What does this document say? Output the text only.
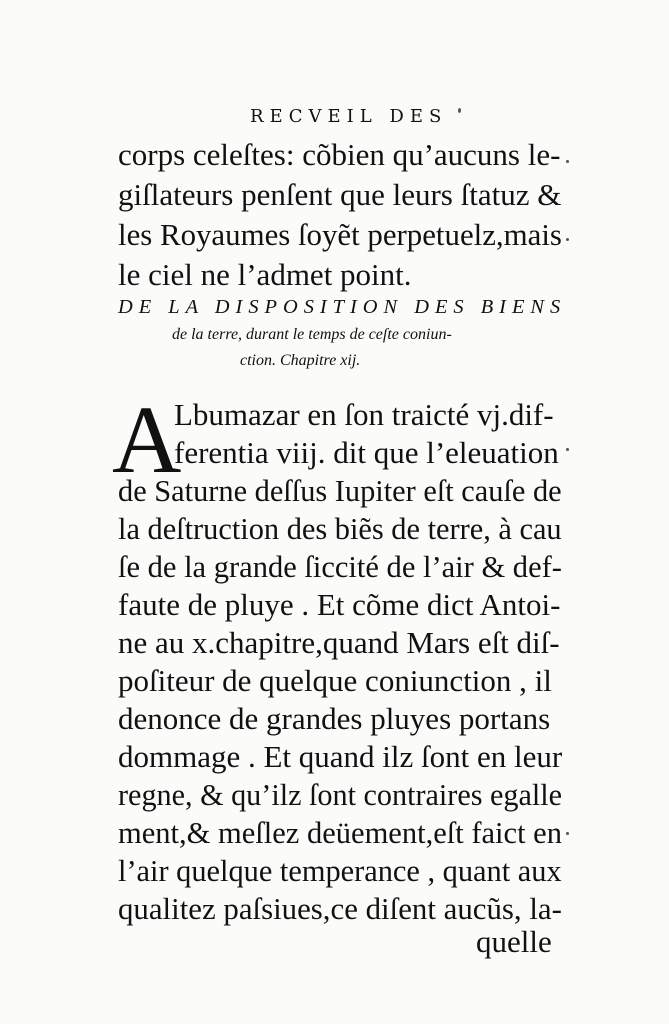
RECVEIL DES
corps celeſtes: cõbien qu’aucuns le-
giſlateurs penſent que leurs ſtatuz &
les Royaumes ſoyẽt perpetuelz,mais
le ciel ne l’admet point.
DE LA DISPOSITION DES BIENS
de la terre, durant le temps de ceſte coniun-
ction. Chapitre xij.
A
Lbumazar en ſon traicté vj.dif-
ferentia viij. dit que l’eleuation
de Saturne deſſus Iupiter eſt cauſe de
la deſtruction des biẽs de terre, à cau
ſe de la grande ſiccité de l’air & def-
faute de pluye . Et cõme dict Antoi-
ne au x.chapitre,quand Mars eſt diſ-
poſiteur de quelque coniunction , il
denonce de grandes pluyes portans
dommage . Et quand ilz ſont en leur
regne, & qu’ilz ſont contraires egalle
ment,& meſlez deüement,eſt faict en
l’air quelque temperance , quant aux
qualitez paſsiues,ce diſent aucũs, la-
quelle
